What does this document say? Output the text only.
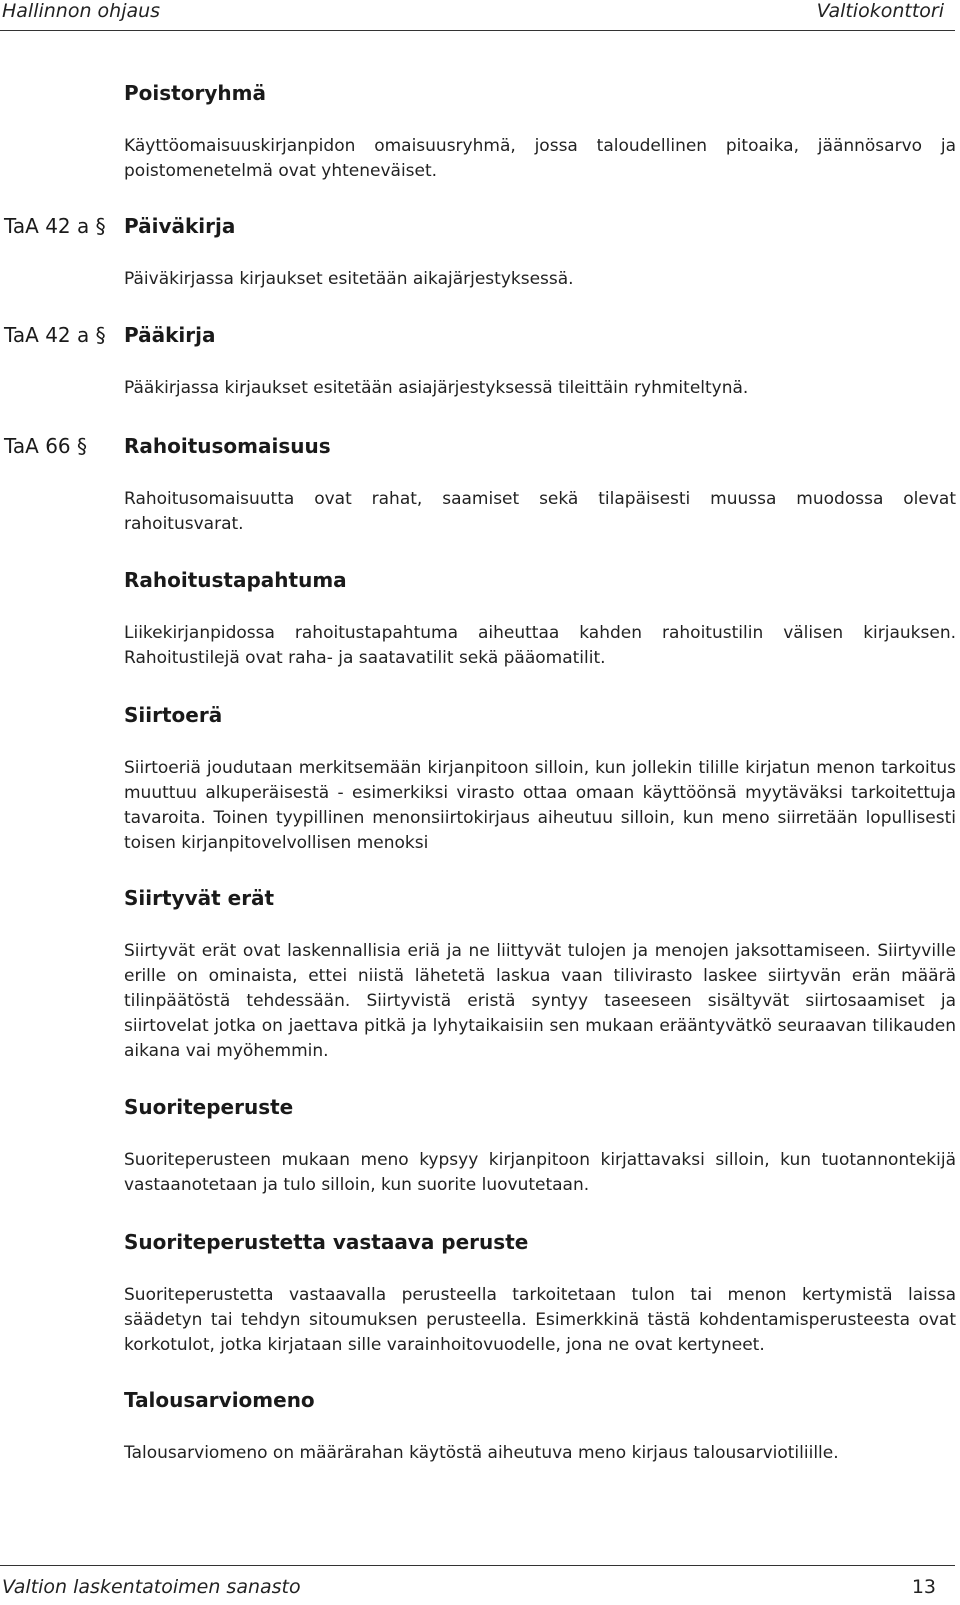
Hallinnon ohjaus	Valtiokonttori
TaA 42 a §
TaA 42 a §
TaA 66 §

Poistoryhmä

Käyttöomaisuuskirjanpidon omaisuusryhmä, jossa taloudellinen pitoaika, jäännösarvo ja poistomenetelmä ovat yhteneväiset.

Päiväkirja

Päiväkirjassa kirjaukset esitetään aikajärjestyksessä.

Pääkirja

Pääkirjassa kirjaukset esitetään asiajärjestyksessä tileittäin ryhmiteltynä.

Rahoitusomaisuus

Rahoitusomaisuutta ovat rahat, saamiset sekä tilapäisesti muussa muodossa olevat rahoitusvarat.

Rahoitustapahtuma

Liikekirjanpidossa rahoitustapahtuma aiheuttaa kahden rahoitustilin välisen kirjauksen. Rahoitustilejä ovat raha- ja saatavatilit sekä pääomatilit.

Siirtoerä

Siirtoeriä joudutaan merkitsemään kirjanpitoon silloin, kun jollekin tilille kirjatun menon tarkoitus muuttuu alkuperäisestä - esimerkiksi virasto ottaa omaan käyttöönsä myytäväksi tarkoitettuja tavaroita. Toinen tyypillinen menonsiirtokirjaus aiheutuu silloin, kun meno siirretään lopullisesti toisen kirjanpitovelvollisen menoksi

Siirtyvät erät

Siirtyvät erät ovat laskennallisia eriä ja ne liittyvät tulojen ja menojen jaksottamiseen. Siirtyville erille on ominaista, ettei niistä lähetetä laskua vaan tilivirasto laskee siirtyvän erän määrä tilinpäätöstä tehdessään. Siirtyvistä eristä syntyy taseeseen sisältyvät siirtosaamiset ja siirtovelat jotka on jaettava pitkä ja lyhytaikaisiin sen mukaan erääntyvätkö seuraavan tilikauden aikana vai myöhemmin.

Suoriteperuste

Suoriteperusteen mukaan meno kypsyy kirjanpitoon kirjattavaksi silloin, kun tuotannontekijä vastaanotetaan ja tulo silloin, kun suorite luovutetaan.

Suoriteperustetta vastaava peruste

Suoriteperustetta vastaavalla perusteella tarkoitetaan tulon tai menon kertymistä laissa säädetyn tai tehdyn sitoumuksen perusteella. Esimerkkinä tästä kohdentamisperusteesta ovat korkotulot, jotka kirjataan sille varainhoitovuodelle, jona ne ovat kertyneet.

Talousarviomeno

Talousarviomeno on määrärahan käytöstä aiheutuva meno kirjaus talousarviotiliille.

Valtion laskentatoimen sanasto	13
